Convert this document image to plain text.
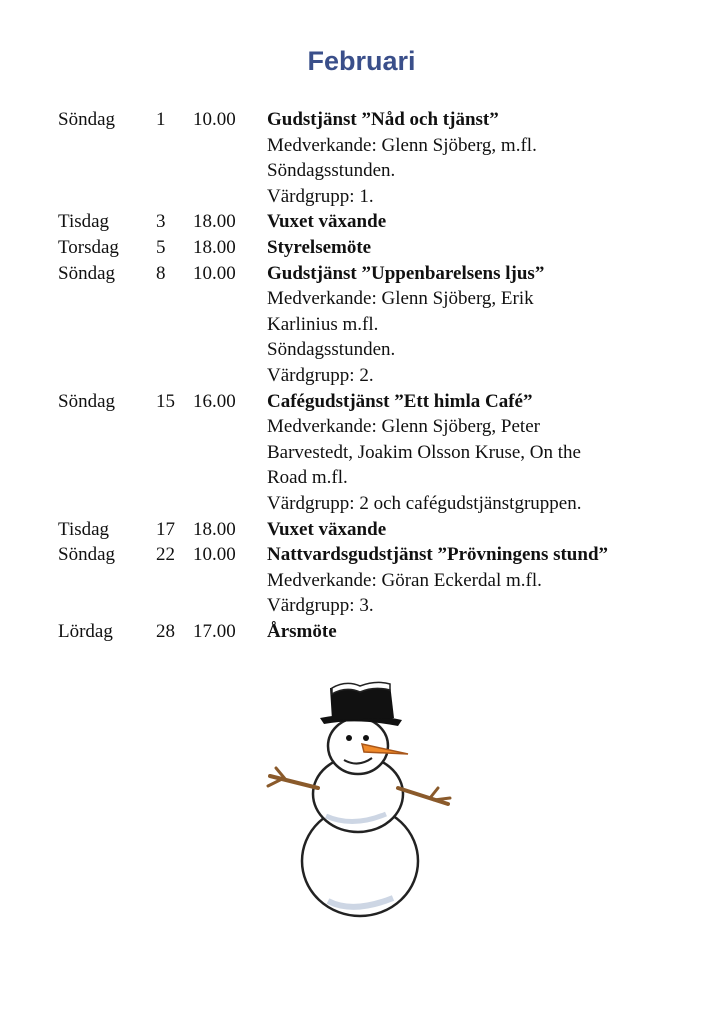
Februari
Söndag 1 10.00 Gudstjänst ”Nåd och tjänst”
Medverkande: Glenn Sjöberg, m.fl.
Söndagsstunden.
Värdgrupp: 1.
Tisdag 3 18.00 Vuxet växande
Torsdag 5 18.00 Styrelsemöte
Söndag 8 10.00 Gudstjänst ”Uppenbarelsens ljus”
Medverkande: Glenn Sjöberg, Erik
Karlinius m.fl.
Söndagsstunden.
Värdgrupp: 2.
Söndag 15 16.00 Cafégudstjänst ”Ett himla Café”
Medverkande: Glenn Sjöberg, Peter
Barvestedt, Joakim Olsson Kruse, On the
Road m.fl.
Värdgrupp: 2 och cafégudstjänstgruppen.
Tisdag 17 18.00 Vuxet växande
Söndag 22 10.00 Nattvardsgudstjänst ”Prövningens stund”
Medverkande: Göran Eckerdal m.fl.
Värdgrupp: 3.
Lördag 28 17.00 Årsmöte
